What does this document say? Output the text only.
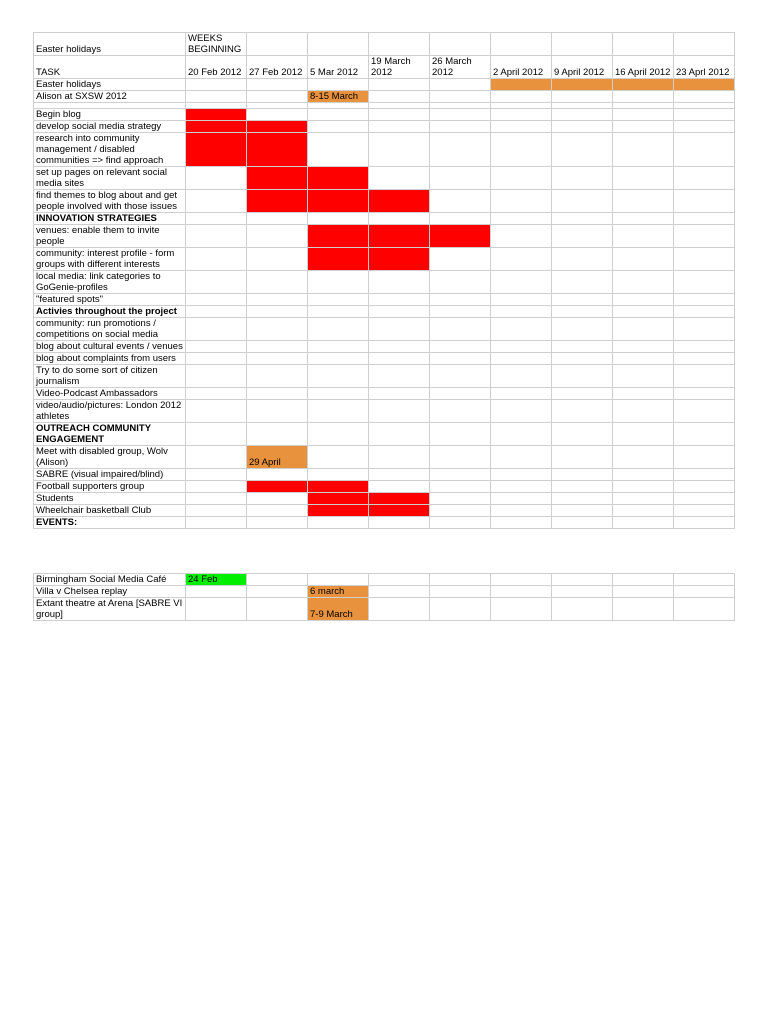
Easter holidays	WEEKS BEGINNING								
TASK	20 Feb 2012	27 Feb 2012	5 Mar 2012	19 March 2012	26 March 2012	2 April 2012	9 April 2012	16 April 2012	23 Aprl 2012
Easter holidays									
Alison at SXSW 2012			8-15 March						

Begin blog									
develop social media strategy									
research into community management / disabled communities => find approach									
set up pages on relevant social media sites									
find themes to blog about and get people involved with those issues									
INNOVATION STRATEGIES									
venues: enable them to invite people									
community: interest profile - form groups with different interests									
local media: link categories to GoGenie-profiles									
"featured spots"									
Activies throughout the project									
community: run promotions / competitions on social media									
blog about cultural events / venues									
blog about complaints from users									
Try to do some sort of citizen journalism									
Video-Podcast Ambassadors									
video/audio/pictures: London 2012 athletes									
OUTREACH COMMUNITY ENGAGEMENT									
Meet with disabled group, Wolv (Alison)		29 April							
SABRE (visual impaired/blind)									
Football supporters group									
Students									
Wheelchair basketball Club									
EVENTS:									
Birmingham Social Media Café	24 Feb								
Villa v Chelsea replay			6 march						
Extant theatre at Arena [SABRE VI group]			7-9 March						
